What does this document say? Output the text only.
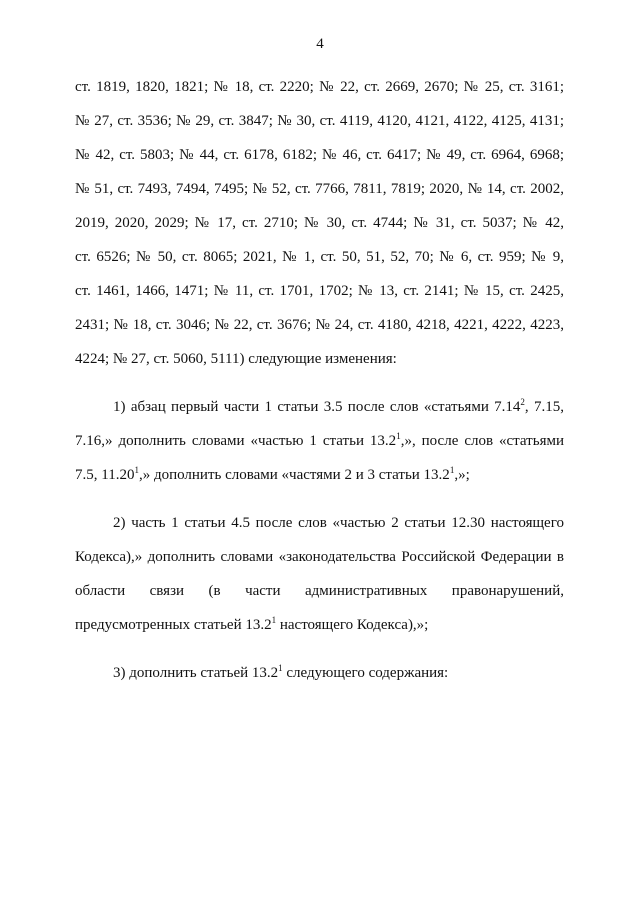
4
ст. 1819, 1820, 1821; № 18, ст. 2220; № 22, ст. 2669, 2670; № 25, ст. 3161;
№ 27, ст. 3536; № 29, ст. 3847; № 30, ст. 4119, 4120, 4121, 4122, 4125, 4131;
№ 42, ст. 5803; № 44, ст. 6178, 6182; № 46, ст. 6417; № 49, ст. 6964, 6968;
№ 51, ст. 7493, 7494, 7495; № 52, ст. 7766, 7811, 7819; 2020, № 14, ст. 2002,
2019, 2020, 2029; № 17, ст. 2710; № 30, ст. 4744; № 31, ст. 5037; № 42,
ст. 6526; № 50, ст. 8065; 2021, № 1, ст. 50, 51, 52, 70; № 6, ст. 959; № 9,
ст. 1461, 1466, 1471; № 11, ст. 1701, 1702; № 13, ст. 2141; № 15, ст. 2425,
2431; № 18, ст. 3046; № 22, ст. 3676; № 24, ст. 4180, 4218, 4221, 4222, 4223,
4224; № 27, ст. 5060, 5111) следующие изменения:
1) абзац первый части 1 статьи 3.5 после слов «статьями 7.14$^2$, 7.15,
7.16,» дополнить словами «частью 1 статьи 13.2$^1$,», после слов «статьями
7.5, 11.20$^1$,» дополнить словами «частями 2 и 3 статьи 13.2$^1$,»;
2) часть 1 статьи 4.5 после слов «частью 2 статьи 12.30 настоящего
Кодекса),» дополнить словами «законодательства Российской Федерации в
области связи (в части административных правонарушений,
предусмотренных статьей 13.2$^1$ настоящего Кодекса),»;
3) дополнить статьей 13.2$^1$ следующего содержания:
